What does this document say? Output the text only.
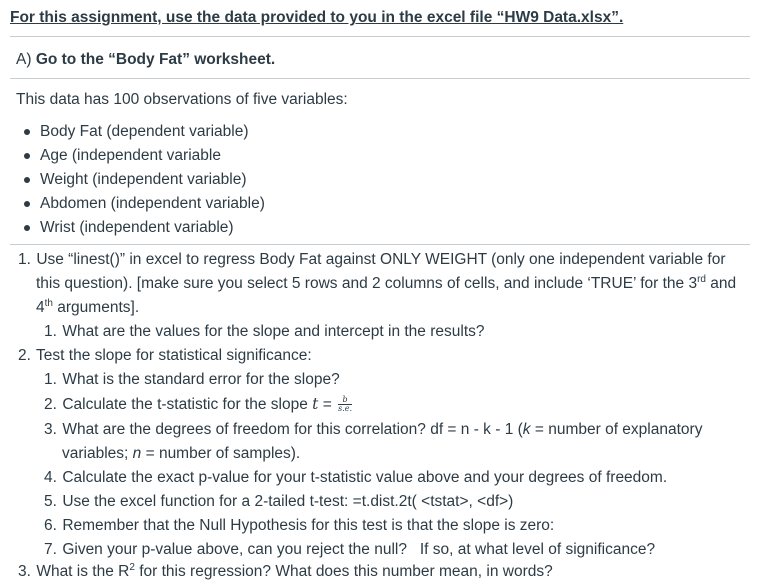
For this assignment, use the data provided to you in the excel file “HW9 Data.xlsx”.
A) Go to the “Body Fat” worksheet.
This data has 100 observations of five variables:
Body Fat (dependent variable)
Age (independent variable
Weight (independent variable)
Abdomen (independent variable)
Wrist (independent variable)
1. Use “linest()” in excel to regress Body Fat against ONLY WEIGHT (only one independent variable for
this question). [make sure you select 5 rows and 2 columns of cells, and include ‘TRUE’ for the 3rd and
4th arguments].
1. What are the values for the slope and intercept in the results?
2. Test the slope for statistical significance:
1. What is the standard error for the slope?
2. Calculate the t-statistic for the slope $t = \frac{b}{s.e.}$
3. What are the degrees of freedom for this correlation? df = n - k - 1 (k = number of explanatory
variables; n = number of samples).
4. Calculate the exact p-value for your t-statistic value above and your degrees of freedom.
5. Use the excel function for a 2-tailed t-test: =t.dist.2t( <tstat>, <df>)
6. Remember that the Null Hypothesis for this test is that the slope is zero:
7. Given your p-value above, can you reject the null?   If so, at what level of significance?
3. What is the $R^2$ for this regression? What does this number mean, in words?
